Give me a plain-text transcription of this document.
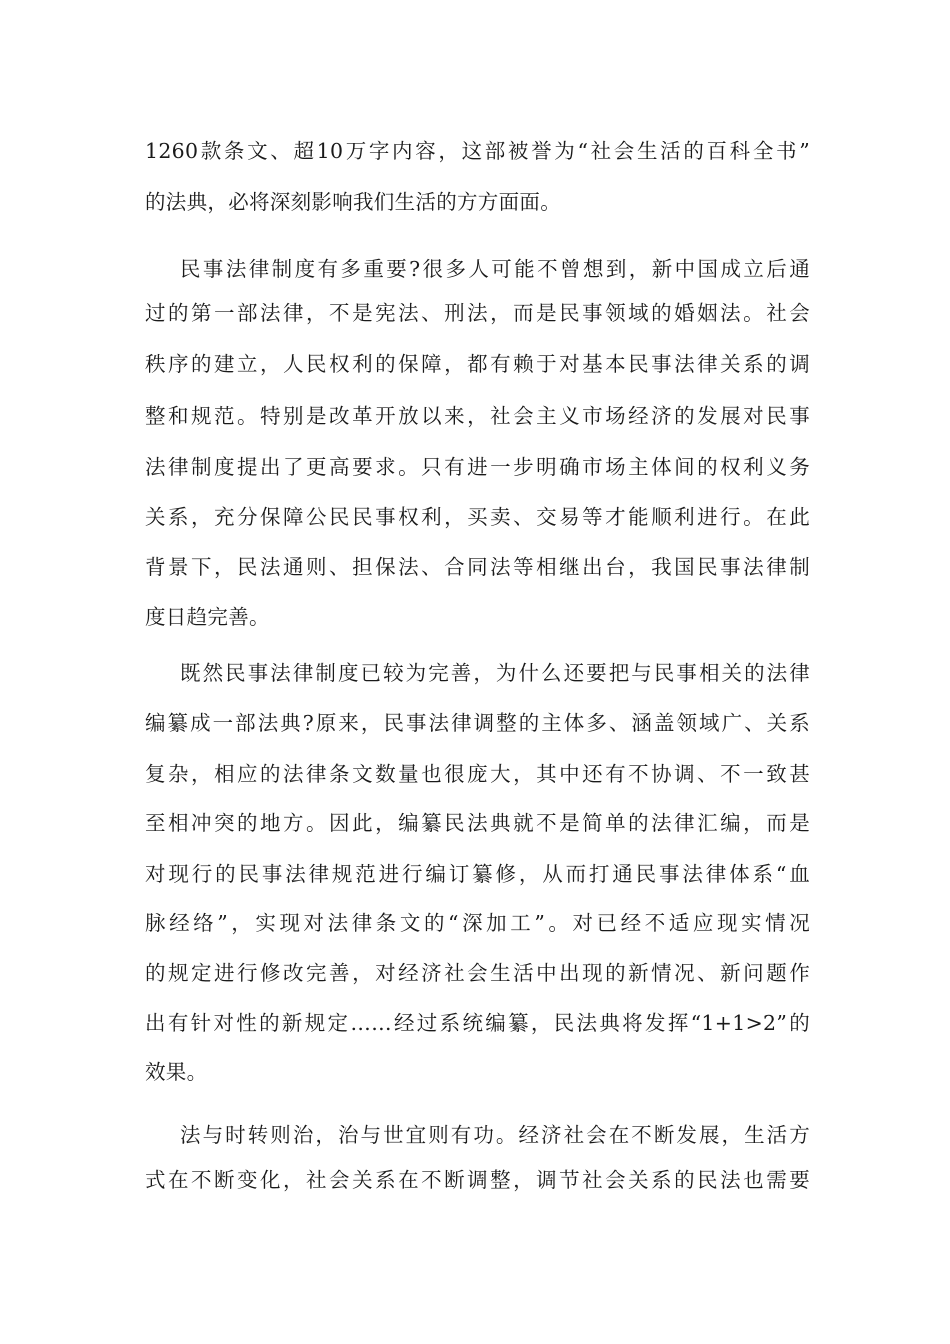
1260款条文、超10万字内容，这部被誉为“社会生活的百科全书”
的法典，必将深刻影响我们生活的方方面面。
民事法律制度有多重要?很多人可能不曾想到，新中国成立后通
过的第一部法律，不是宪法、刑法，而是民事领域的婚姻法。社会
秩序的建立，人民权利的保障，都有赖于对基本民事法律关系的调
整和规范。特别是改革开放以来，社会主义市场经济的发展对民事
法律制度提出了更高要求。只有进一步明确市场主体间的权利义务
关系，充分保障公民民事权利，买卖、交易等才能顺利进行。在此
背景下，民法通则、担保法、合同法等相继出台，我国民事法律制
度日趋完善。
既然民事法律制度已较为完善，为什么还要把与民事相关的法律
编纂成一部法典?原来，民事法律调整的主体多、涵盖领域广、关系
复杂，相应的法律条文数量也很庞大，其中还有不协调、不一致甚
至相冲突的地方。因此，编纂民法典就不是简单的法律汇编，而是
对现行的民事法律规范进行编订纂修，从而打通民事法律体系“血
脉经络”，实现对法律条文的“深加工”。对已经不适应现实情况
的规定进行修改完善，对经济社会生活中出现的新情况、新问题作
出有针对性的新规定……经过系统编纂，民法典将发挥“1+1>2”的
效果。
法与时转则治，治与世宜则有功。经济社会在不断发展，生活方
式在不断变化，社会关系在不断调整，调节社会关系的民法也需要
